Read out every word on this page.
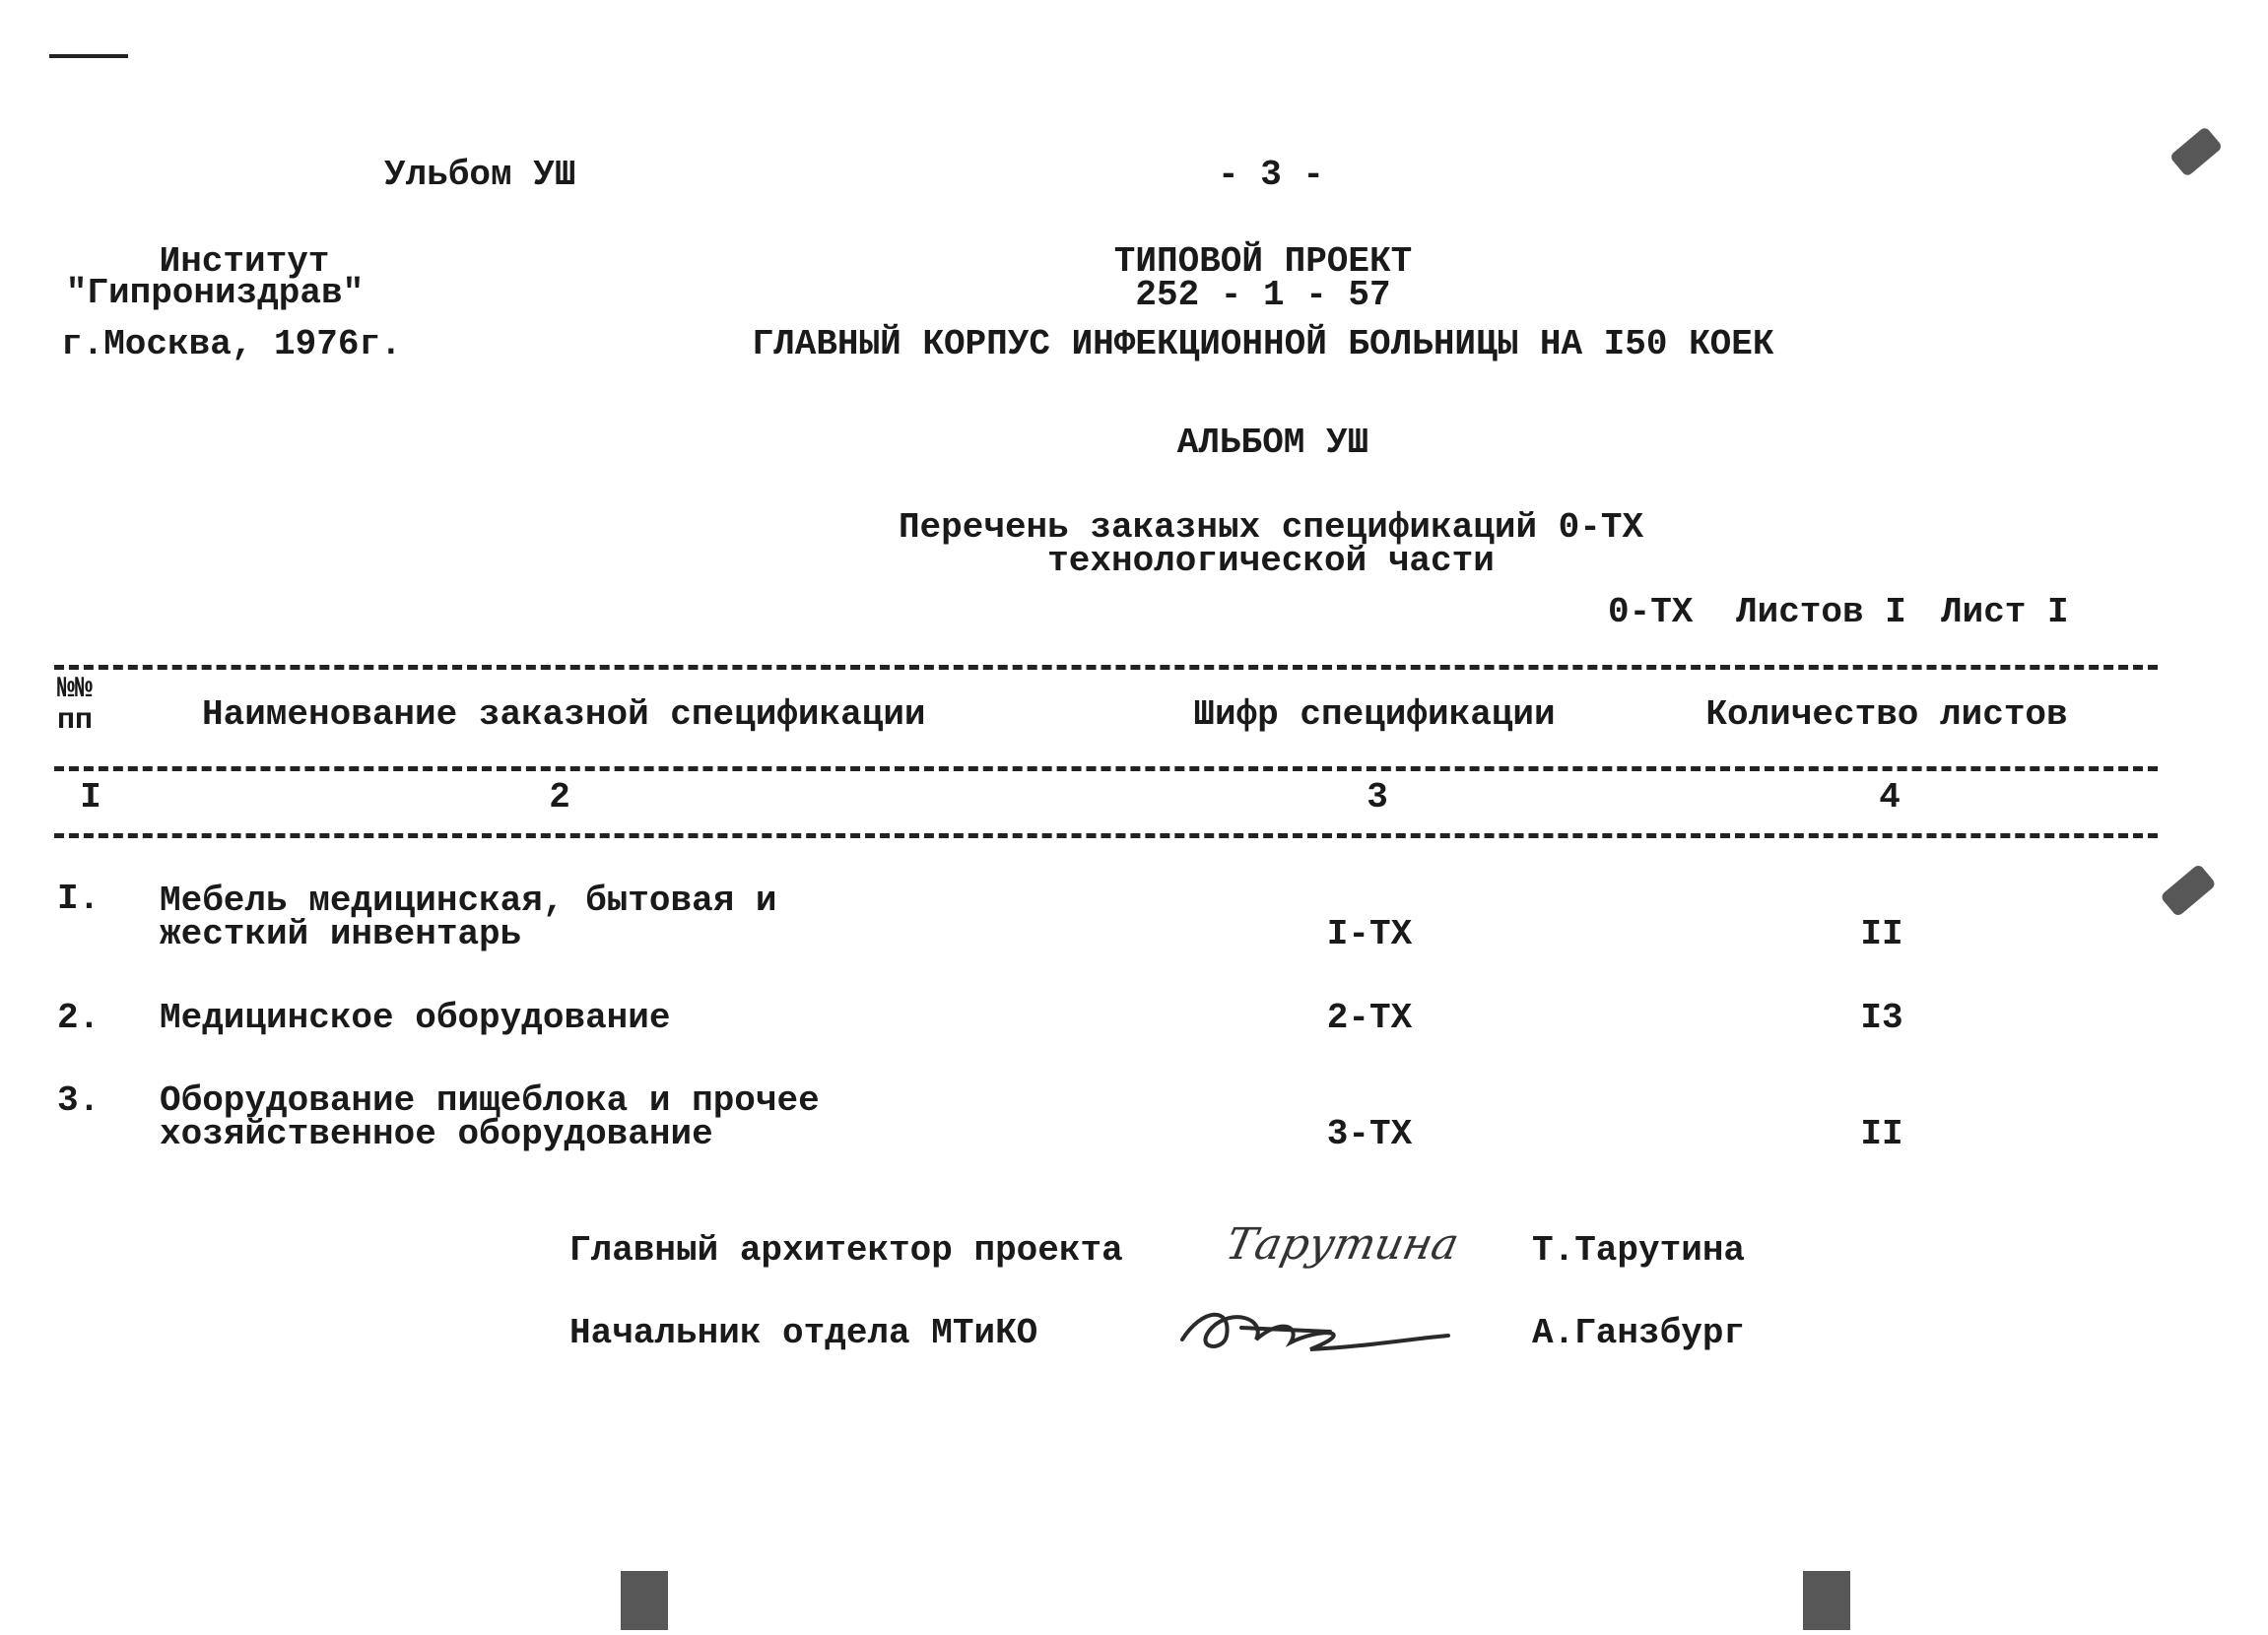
Ульбом УШ	- 3 -
Институт
"Гипрониздрав"
г.Москва, 1976г.
ТИПОВОЙ ПРОЕКТ
252 - 1 - 57
ГЛАВНЫЙ КОРПУС ИНФЕКЦИОННОЙ БОЛЬНИЦЫ НА I50 КОЕК
АЛЬБОМ УШ
Перечень заказных спецификаций 0-ТХ
технологической части
0-ТХ Листов I Лист I
№№ пп	Наименование заказной спецификации	Шифр спецификации	Количество листов
I	2	3	4
I. Мебель медицинская, бытовая и
жесткий инвентарь	I-ТХ	II
2. Медицинское оборудование	2-ТХ	I3
3. Оборудование пищеблока и прочее
хозяйственное оборудование	3-ТХ	II
Главный архитектор проекта Тарутина Т.Тарутина
Начальник отдела МТиКО	А.Ганзбург
